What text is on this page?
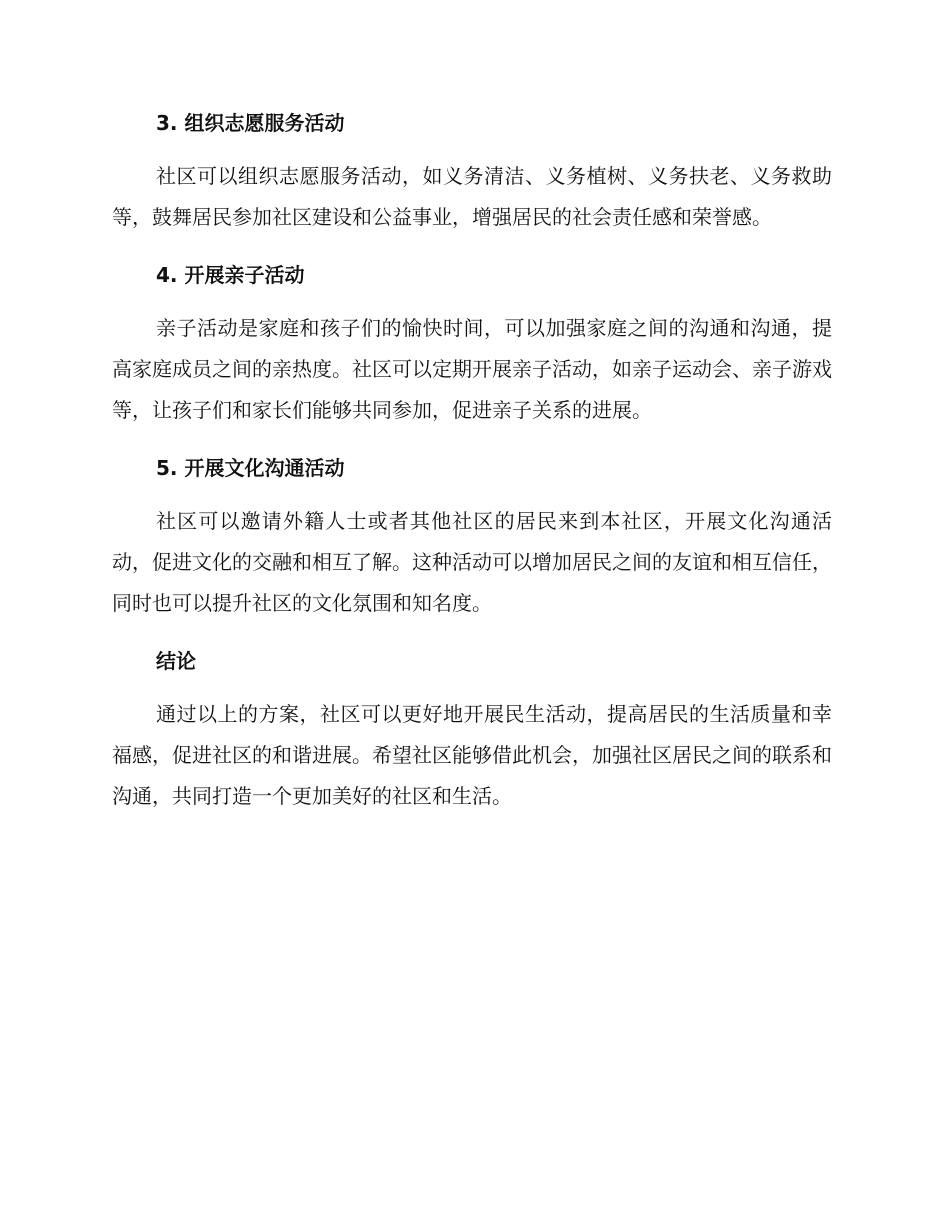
3. 组织志愿服务活动

社区可以组织志愿服务活动，如义务清洁、义务植树、义务扶老、义务救助等，鼓舞居民参加社区建设和公益事业，增强居民的社会责任感和荣誉感。

4. 开展亲子活动

亲子活动是家庭和孩子们的愉快时间，可以加强家庭之间的沟通和沟通，提高家庭成员之间的亲热度。社区可以定期开展亲子活动，如亲子运动会、亲子游戏等，让孩子们和家长们能够共同参加，促进亲子关系的进展。

5. 开展文化沟通活动

社区可以邀请外籍人士或者其他社区的居民来到本社区，开展文化沟通活动，促进文化的交融和相互了解。这种活动可以增加居民之间的友谊和相互信任，同时也可以提升社区的文化氛围和知名度。

结论

通过以上的方案，社区可以更好地开展民生活动，提高居民的生活质量和幸福感，促进社区的和谐进展。希望社区能够借此机会，加强社区居民之间的联系和沟通，共同打造一个更加美好的社区和生活。
